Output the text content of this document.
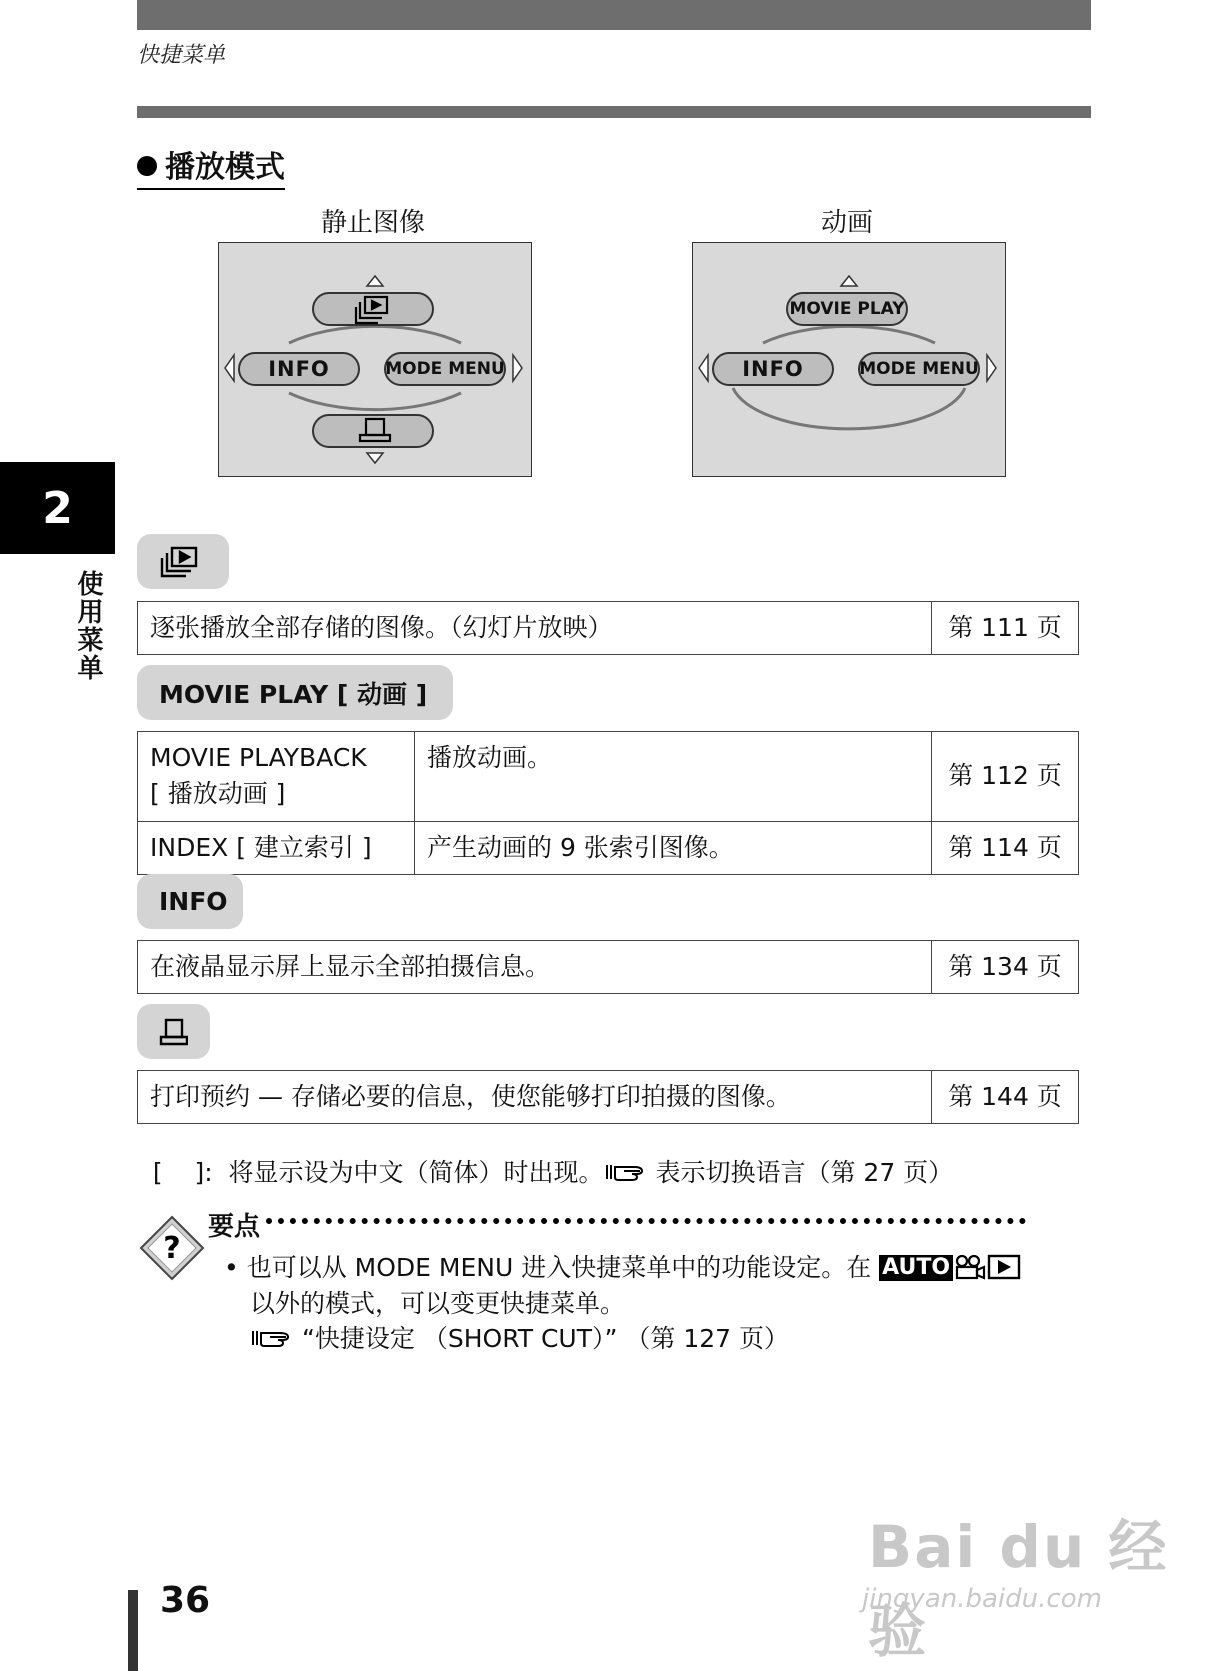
快捷菜单
播放模式
静止图像
INFO	MODE MENU
动画
MOVIE PLAY
INFO	MODE MENU
2
使用菜单 逐张播放全部存储的图像。（幻灯片放映）	第 111 页
MOVIE PLAY [ 动画 ]
MOVIE PLAYBACK
[ 播放动画 ]	播放动画。	第 112 页
INDEX [ 建立索引 ]	产生动画的 9 张索引图像。	第 114 页
INFO
在液晶显示屏上显示全部拍摄信息。	第 134 页
打印预约 — 存储必要的信息，使您能够打印拍摄的图像。	第 144 页

[    ]:  将显示设为中文（简体）时出现。 表示切换语言（第 27 页）

?
要点
• 也可以从 MODE MENU 进入快捷菜单中的功能设定。在 AUTO
以外的模式，可以变更快捷菜单。
“快捷设定 （SHORT CUT）” （第 127 页）
36
Bai du 经验
jingyan.baidu.com
